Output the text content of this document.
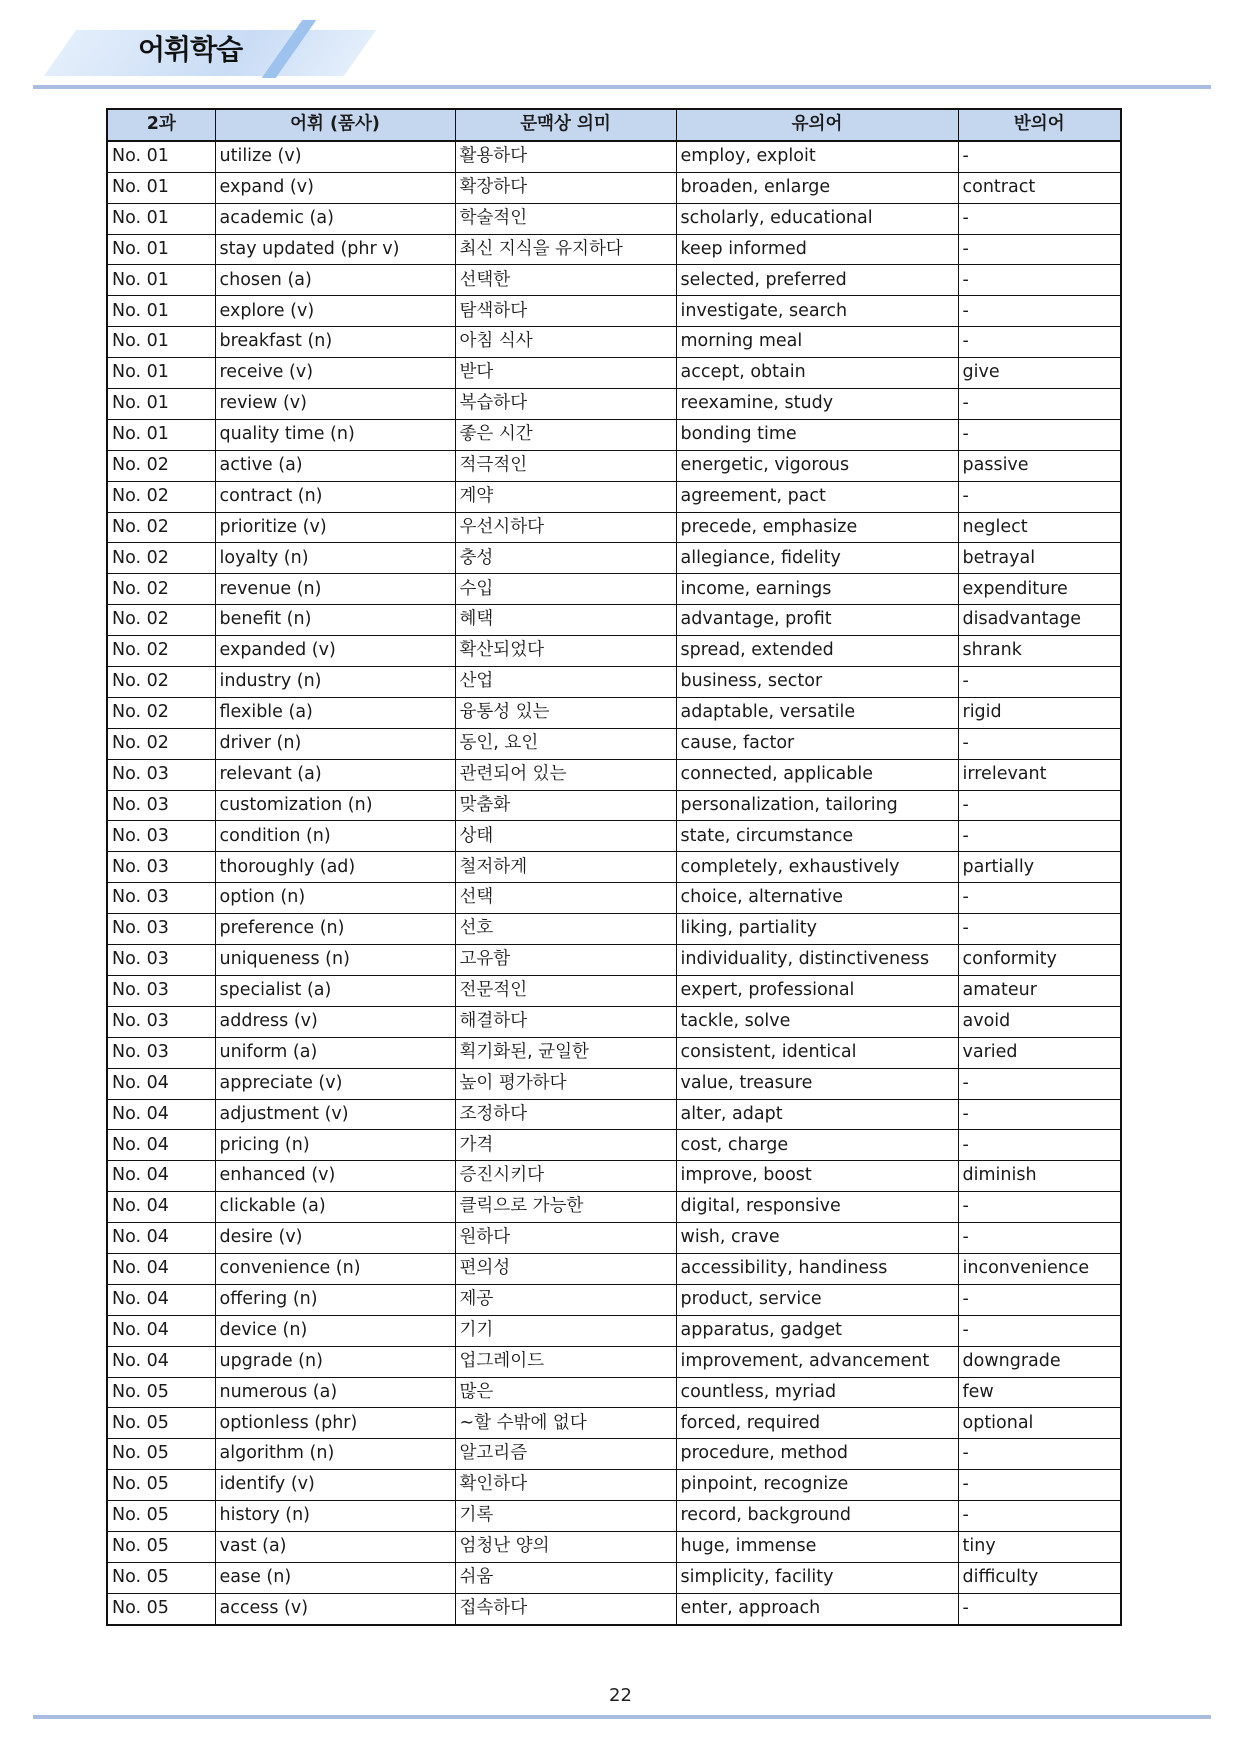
어휘학습
2과	어휘 (품사)	문맥상 의미	유의어	반의어
No. 01	utilize (v)	활용하다	employ, exploit	-
No. 01	expand (v)	확장하다	broaden, enlarge	contract
No. 01	academic (a)	학술적인	scholarly, educational	-
No. 01	stay updated (phr v)	최신 지식을 유지하다	keep informed	-
No. 01	chosen (a)	선택한	selected, preferred	-
No. 01	explore (v)	탐색하다	investigate, search	-
No. 01	breakfast (n)	아침 식사	morning meal	-
No. 01	receive (v)	받다	accept, obtain	give
No. 01	review (v)	복습하다	reexamine, study	-
No. 01	quality time (n)	좋은 시간	bonding time	-
No. 02	active (a)	적극적인	energetic, vigorous	passive
No. 02	contract (n)	계약	agreement, pact	-
No. 02	prioritize (v)	우선시하다	precede, emphasize	neglect
No. 02	loyalty (n)	충성	allegiance, fidelity	betrayal
No. 02	revenue (n)	수입	income, earnings	expenditure
No. 02	benefit (n)	혜택	advantage, profit	disadvantage
No. 02	expanded (v)	확산되었다	spread, extended	shrank
No. 02	industry (n)	산업	business, sector	-
No. 02	flexible (a)	융통성 있는	adaptable, versatile	rigid
No. 02	driver (n)	동인, 요인	cause, factor	-
No. 03	relevant (a)	관련되어 있는	connected, applicable	irrelevant
No. 03	customization (n)	맞춤화	personalization, tailoring	-
No. 03	condition (n)	상태	state, circumstance	-
No. 03	thoroughly (ad)	철저하게	completely, exhaustively	partially
No. 03	option (n)	선택	choice, alternative	-
No. 03	preference (n)	선호	liking, partiality	-
No. 03	uniqueness (n)	고유함	individuality, distinctiveness	conformity
No. 03	specialist (a)	전문적인	expert, professional	amateur
No. 03	address (v)	해결하다	tackle, solve	avoid
No. 03	uniform (a)	획기화된, 균일한	consistent, identical	varied
No. 04	appreciate (v)	높이 평가하다	value, treasure	-
No. 04	adjustment (v)	조정하다	alter, adapt	-
No. 04	pricing (n)	가격	cost, charge	-
No. 04	enhanced (v)	증진시키다	improve, boost	diminish
No. 04	clickable (a)	클릭으로 가능한	digital, responsive	-
No. 04	desire (v)	원하다	wish, crave	-
No. 04	convenience (n)	편의성	accessibility, handiness	inconvenience
No. 04	offering (n)	제공	product, service	-
No. 04	device (n)	기기	apparatus, gadget	-
No. 04	upgrade (n)	업그레이드	improvement, advancement	downgrade
No. 05	numerous (a)	많은	countless, myriad	few
No. 05	optionless (phr)	~할 수밖에 없다	forced, required	optional
No. 05	algorithm (n)	알고리즘	procedure, method	-
No. 05	identify (v)	확인하다	pinpoint, recognize	-
No. 05	history (n)	기록	record, background	-
No. 05	vast (a)	엄청난 양의	huge, immense	tiny
No. 05	ease (n)	쉬움	simplicity, facility	difficulty
No. 05	access (v)	접속하다	enter, approach	-
22
